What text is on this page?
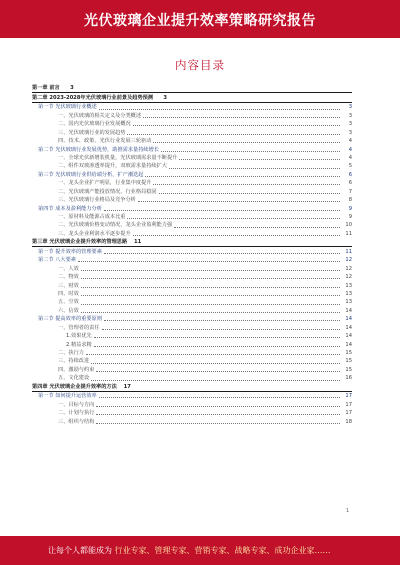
光伏玻璃企业提升效率策略研究报告
内容目录
第一章 前言	3
第二章 2023-2028年光伏玻璃行业前景及趋势预测	3
第一节 光伏玻璃行业概述	3
一、光伏玻璃的相关定义及分类概述	3
二、国内光伏玻璃行业发展概况	3
三、光伏玻璃行业的发展趋势	3
四、技术、政策、光伏行业发展三轮驱动	4
第二节 光伏玻璃行业发展优势，助推需求量持续增长	4
一、全球光伏新增装机量，光伏玻璃需求量不断提升	4
二、组件双玻渗透率提升，双玻需求量持续扩大	5
第三节 光伏玻璃行业供给端分析，扩产潮迭起	6
一、龙头企业扩产明显，行业集中度提升	6
二、光伏玻璃产能投放情况，行业格局稳固	7
三、光伏玻璃行业格局及竞争分析	8
第四节 成本及盈利能力分析	9
一、原材料及能源占成本比重	9
二、光伏玻璃价格变动情况，龙头企业盈利能力强	10
三、龙头企业利润水平逐步提升	11
第三章 光伏玻璃企业提升效率的管理思路	11
第一节 提升效率的管理要素	11
第二节 八大要素	12
一、人效	12
二、物效	12
三、财效	13
四、时效	13
五、空效	13
六、信效	14
第三节 提高效率的重要原则	14
一、管理者的责任	14
1.效果优先	14
2.精益求精	14
二、执行力	15
三、持续改进	15
四、激励与约束	15
五、文化建设	16
第四章 光伏玻璃企业提升效率的方法	17
第一节 如何提升运营效率	17
一、目标与方向	17
二、计划与执行	17
三、组织与结构	18
1
让每个人都能成为 行业专家、管理专家、营销专家、战略专家、成功企业家……
